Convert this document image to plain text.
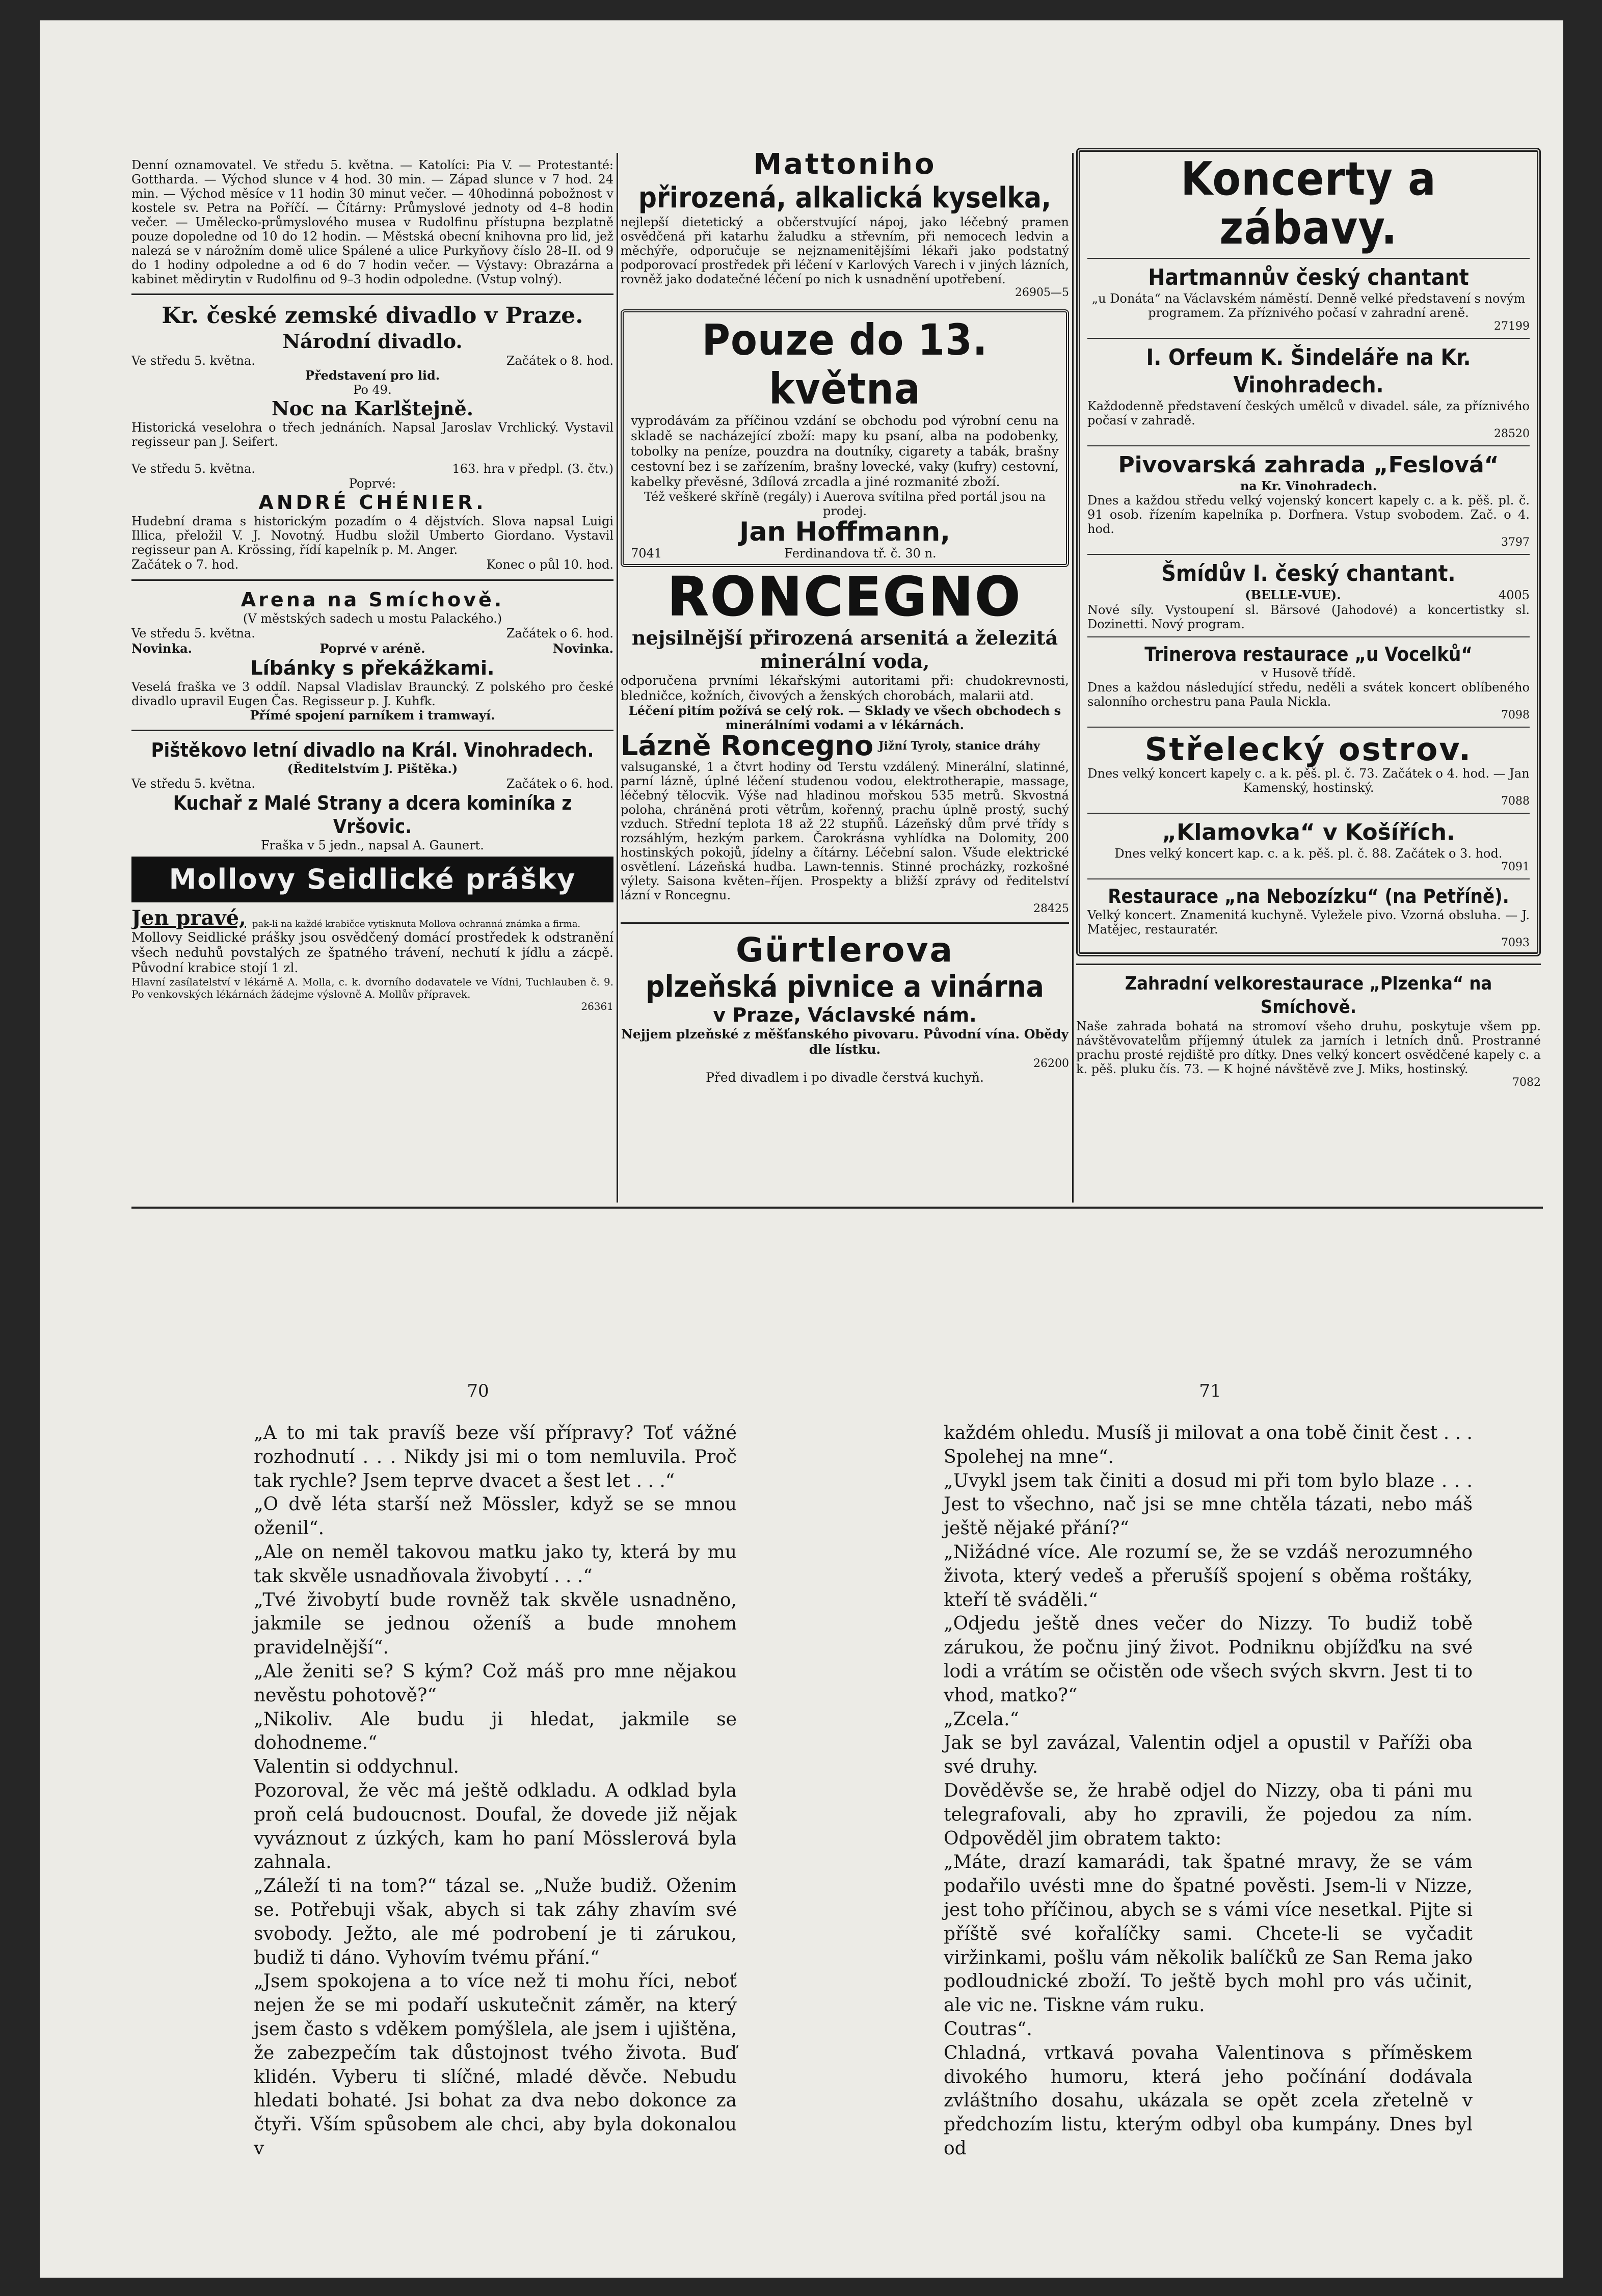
Denní oznamovatel. Ve středu 5. května. — Katolíci: Pia V. — Protestanté: Gottharda. — Východ slunce v 4 hod. 30 min. — Západ slunce v 7 hod. 24 min. — Východ měsíce v 11 hodin 30 minut večer. — 40hodinná pobožnost v kostele sv. Petra na Poříčí. — Čítárny: Průmyslové jednoty od 4–8 hodin večer. — Umělecko-průmyslového musea v Rudolfinu přístupna bezplatně pouze dopoledne od 10 do 12 hodin. — Městská obecní knihovna pro lid, jež nalezá se v nárožním domě ulice Spálené a ulice Purkyňovy číslo 28–II. od 9 do 1 hodiny odpoledne a od 6 do 7 hodin večer. — Výstavy: Obrazárna a kabinet mědirytin v Rudolfinu od 9–3 hodin odpoledne. (Vstup volný).

Kr. české zemské divadlo v Praze.
Národní divadlo.
Ve středu 5. května.	Začátek o 8. hod.
Představení pro lid.
Po 49.
Noc na Karlštejně.

Historická veselohra o třech jednáních. Napsal Jaroslav Vrchlický. Vystavil regisseur pan J. Seifert.

Ve středu 5. května.	163. hra v předpl. (3. čtv.)
Poprvé:
ANDRÉ CHÉNIER.

Hudební drama s historickým pozadím o 4 dějstvích. Slova napsal Luigi Illica, přeložil V. J. Novotný. Hudbu složil Umberto Giordano. Vystavil regisseur pan A. Krössing, řídí kapelník p. M. Anger.

Začátek o 7. hod.	Konec o půl 10. hod.
Arena na Smíchově.
(V městských sadech u mostu Palackého.)
Ve středu 5. května.	Začátek o 6. hod.
Novinka.	Poprvé v aréně.	Novinka.
Líbánky s překážkami.

Veselá fraška ve 3 oddíl. Napsal Vladislav Brauncký. Z polského pro české divadlo upravil Eugen Čas. Regisseur p. J. Kuhfk.

Přímé spojení parníkem i tramwayí.
Pištěkovo letní divadlo na Král. Vinohradech.
(Ředitelstvím J. Pištěka.)
Ve středu 5. května.	Začátek o 6. hod.
Kuchař z Malé Strany a dcera kominíka z Vršovic.
Fraška v 5 jedn., napsal A. Gaunert.
Mollovy Seidlické prášky
Jen pravé, pak-li na každé krabičce vytisknuta Mollova ochranná známka a firma.

Mollovy Seidlické prášky jsou osvědčený domácí prostředek k odstranění všech neduhů povstalých ze špatného trávení, nechutí k jídlu a zácpě. Původní krabice stojí 1 zl.

Hlavní zasílatelství v lékárně A. Molla, c. k. dvorního dodavatele ve Vídni, Tuchlauben č. 9. Po venkovských lékárnách žádejme výslovně A. Mollův přípravek.

26361
Mattoniho
přirozená, alkalická kyselka,

nejlepší dietetický a občerstvující nápoj, jako léčebný pramen osvědčená při katarhu žaludku a střevním, při nemocech ledvin a měchýře, odporučuje se nejznamenitějšími lékaři jako podstatný podporovací prostředek při léčení v Karlových Varech i v jiných lázních, rovněž jako dodatečné léčení po nich k usnadnění upotřebení.

26905—5
Pouze do 13. května

vyprodávám za příčinou vzdání se obchodu pod výrobní cenu na skladě se nacházející zboží: mapy ku psaní, alba na podobenky, tobolky na peníze, pouzdra na doutníky, cigarety a tabák, brašny cestovní bez i se zařízením, brašny lovecké, vaky (kufry) cestovní, kabelky převěsné, 3dílová zrcadla a jiné rozmanité zboží.

Též veškeré skříně (regály) i Auerova svítilna před portál jsou na prodej.

Jan Hoffmann,
7041	Ferdinandova tř. č. 30 n.
RONCEGNO
nejsilnější přirozená arsenitá a železitá minerální voda,

odporučena prvními lékařskými autoritami při: chudokrevnosti, bledničce, kožních, čivových a ženských chorobách, malarii atd.

Léčení pitím požívá se celý rok. — Sklady ve všech obchodech s minerálními vodami a v lékárnách.

Lázně Roncegno Jižní Tyroly, stanice dráhy

valsuganské, 1 a čtvrt hodiny od Terstu vzdálený. Minerální, slatinné, parní lázně, úplné léčení studenou vodou, elektrotherapie, massage, léčebný tělocvik. Výše nad hladinou mořskou 535 metrů. Skvostná poloha, chráněná proti větrům, kořenný, prachu úplně prostý, suchý vzduch. Střední teplota 18 až 22 stupňů. Lázeňský dům prvé třídy s rozsáhlým, hezkým parkem. Čarokrásna vyhlídka na Dolomity, 200 hostinských pokojů, jídelny a čítárny. Léčební salon. Všude elektrické osvětlení. Lázeňská hudba. Lawn-tennis. Stinné procházky, rozkošné výlety. Saisona květen–říjen. Prospekty a bližší zprávy od ředitelství lázní v Roncegnu.

28425
Gürtlerova
plzeňská pivnice a vinárna
v Praze, Václavské nám.

Nejjem plzeňské z měšťanského pivovaru. Původní vína. Obědy dle lístku.

26200

Před divadlem i po divadle čerstvá kuchyň.

Koncerty a zábavy.
Hartmannův český chantant

„u Donáta“ na Václavském náměstí. Denně velké představení s novým programem. Za příznivého počasí v zahradní areně.

27199
I. Orfeum K. Šindeláře na Kr. Vinohradech.

Každodenně představení českých umělců v divadel. sále, za příznivého počasí v zahradě.

28520
Pivovarská zahrada „Feslová“
na Kr. Vinohradech.

Dnes a každou středu velký vojenský koncert kapely c. a k. pěš. pl. č. 91 osob. řízením kapelníka p. Dorfnera. Vstup svobodem. Zač. o 4. hod.

3797
Šmídův I. český chantant.
(BELLE-VUE).	4005

Nové síly. Vystoupení sl. Bärsové (Jahodové) a koncertistky sl. Dozinetti. Nový program.

Trinerova restaurace „u Vocelků“
v Husově třídě.

Dnes a každou následující středu, neděli a svátek koncert oblíbeného salonního orchestru pana Paula Nickla.

7098
Střelecký ostrov.

Dnes velký koncert kapely c. a k. pěš. pl. č. 73. Začátek o 4. hod. — Jan Kamenský, hostinský.

7088
„Klamovka“ v Košířích.

Dnes velký koncert kap. c. a k. pěš. pl. č. 88. Začátek o 3. hod.

7091
Restaurace „na Nebozízku“ (na Petříně).

Velký koncert. Znamenitá kuchyně. Vyležele pivo. Vzorná obsluha. — J. Matějec, restauratér.

7093
Zahradní velkorestaurace „Plzenka“ na Smíchově.

Naše zahrada bohatá na stromoví všeho druhu, poskytuje všem pp. návštěvovatelům příjemný útulek za jarních i letních dnů. Prostranné prachu prosté rejdiště pro dítky. Dnes velký koncert osvědčené kapely c. a k. pěš. pluku čís. 73. — K hojné návštěvě zve J. Miks, hostinský.

7082
70	71

„A to mi tak pravíš beze vší přípravy? Toť vážné rozhodnutí . . . Nikdy jsi mi o tom nemluvila. Proč tak rychle? Jsem teprve dvacet a šest let . . .“

„O dvě léta starší než Mössler, když se se mnou oženil“.

„Ale on neměl takovou matku jako ty, která by mu tak skvěle usnadňovala živobytí . . .“

„Tvé živobytí bude rovněž tak skvěle usnadněno, jakmile se jednou oženíš a bude mnohem pravidelnější“.

„Ale ženiti se? S kým? Což máš pro mne nějakou nevěstu pohotově?“

„Nikoliv. Ale budu ji hledat, jakmile se dohodneme.“

Valentin si oddychnul.

Pozoroval, že věc má ještě odkladu. A odklad byla proň celá budoucnost. Doufal, že dovede již nějak vyváznout z úzkých, kam ho paní Mösslerová byla zahnala.

„Záleží ti na tom?“ tázal se. „Nuže budiž. Oženim se. Potřebuji však, abych si tak záhy zhavím své svobody. Ježto, ale mé podrobení je ti zárukou, budiž ti dáno. Vyhovím tvému přání.“

„Jsem spokojena a to více než ti mohu říci, neboť nejen že se mi podaří uskutečnit záměr, na který jsem často s vděkem pomýšlela, ale jsem i ujištěna, že zabezpečím tak důstojnost tvého života. Buď klidén. Vyberu ti slíčné, mladé děvče. Nebudu hledati bohaté. Jsi bohat za dva nebo dokonce za čtyři. Vším spůsobem ale chci, aby byla dokonalou v

každém ohledu. Musíš ji milovat a ona tobě činit čest . . . Spolehej na mne“.

„Uvykl jsem tak činiti a dosud mi při tom bylo blaze . . . Jest to všechno, nač jsi se mne chtěla tázati, nebo máš ještě nějaké přání?“

„Nižádné více. Ale rozumí se, že se vzdáš nerozumného života, který vedeš a přerušíš spojení s oběma roštáky, kteří tě sváděli.“

„Odjedu ještě dnes večer do Nizzy. To budiž tobě zárukou, že počnu jiný život. Podniknu objížďku na své lodi a vrátím se očistěn ode všech svých skvrn. Jest ti to vhod, matko?“

„Zcela.“

Jak se byl zavázal, Valentin odjel a opustil v Paříži oba své druhy.

Dověděvše se, že hrabě odjel do Nizzy, oba ti páni mu telegrafovali, aby ho zpravili, že pojedou za ním. Odpověděl jim obratem takto:

„Máte, drazí kamarádi, tak špatné mravy, že se vám podařilo uvésti mne do špatné pověsti. Jsem-li v Nizze, jest toho příčinou, abych se s vámi více nesetkal. Pijte si příště své kořalíčky sami. Chcete-li se vyčadit viržinkami, pošlu vám několik balíčků ze San Rema jako podloudnické zboží. To ještě bych mohl pro vás učinit, ale vic ne. Tiskne vám ruku.

Coutras“.

Chladná, vrtkavá povaha Valentinova s příměskem divokého humoru, která jeho počínání dodávala zvláštního dosahu, ukázala se opět zcela zřetelně v předchozím listu, kterým odbyl oba kumpány. Dnes byl od
